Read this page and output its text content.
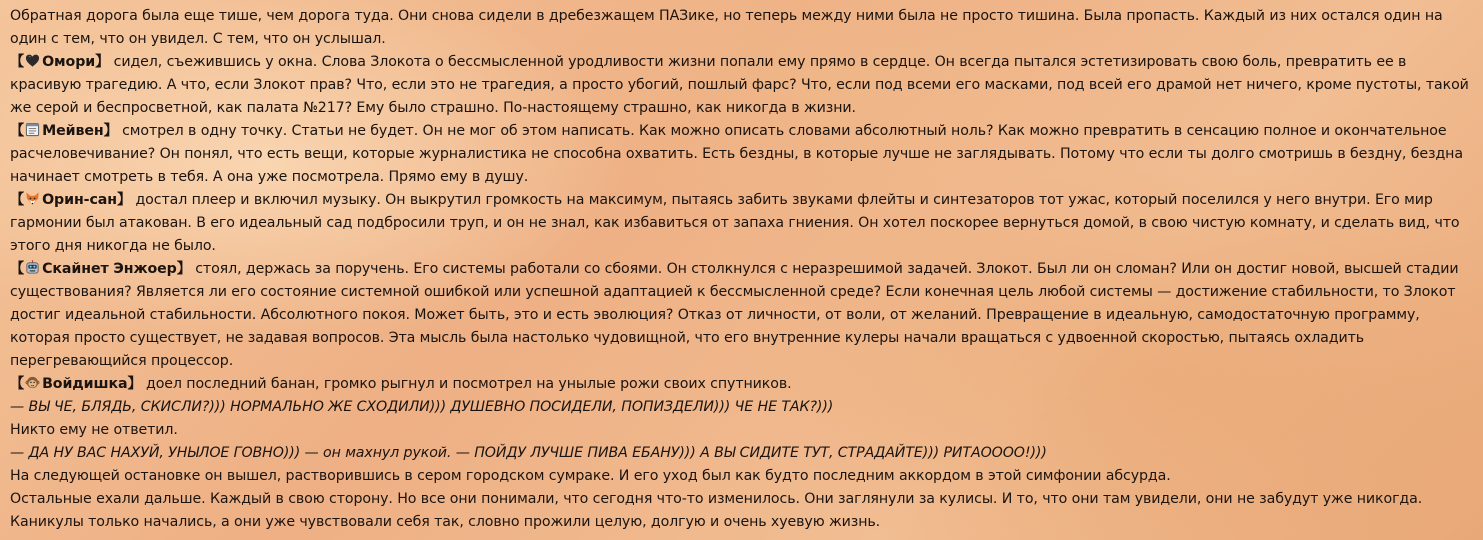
Обратная дорога была еще тише, чем дорога туда. Они снова сидели в дребезжащем ПАЗике, но теперь между ними была не просто тишина. Была пропасть. Каждый из них остался один на один с тем, что он увидел. С тем, что он услышал.

【 Омори】 сидел, съежившись у окна. Слова Злокота о бессмысленной уродливости жизни попали ему прямо в сердце. Он всегда пытался эстетизировать свою боль, превратить ее в красивую трагедию. А что, если Злокот прав? Что, если это не трагедия, а просто убогий, пошлый фарс? Что, если под всеми его масками, под всей его драмой нет ничего, кроме пустоты, такой же серой и беспросветной, как палата №217? Ему было страшно. По-настоящему страшно, как никогда в жизни.

【 Мейвен】 смотрел в одну точку. Статьи не будет. Он не мог об этом написать. Как можно описать словами абсолютный ноль? Как можно превратить в сенсацию полное и окончательное расчеловечивание? Он понял, что есть вещи, которые журналистика не способна охватить. Есть бездны, в которые лучше не заглядывать. Потому что если ты долго смотришь в бездну, бездна начинает смотреть в тебя. А она уже посмотрела. Прямо ему в душу.

【 Орин-сан】 достал плеер и включил музыку. Он выкрутил громкость на максимум, пытаясь забить звуками флейты и синтезаторов тот ужас, который поселился у него внутри. Его мир гармонии был атакован. В его идеальный сад подбросили труп, и он не знал, как избавиться от запаха гниения. Он хотел поскорее вернуться домой, в свою чистую комнату, и сделать вид, что этого дня никогда не было.

【 Скайнет Энжоер】 стоял, держась за поручень. Его системы работали со сбоями. Он столкнулся с неразрешимой задачей. Злокот. Был ли он сломан? Или он достиг новой, высшей стадии существования? Является ли его состояние системной ошибкой или успешной адаптацией к бессмысленной среде? Если конечная цель любой системы — достижение стабильности, то Злокот достиг идеальной стабильности. Абсолютного покоя. Может быть, это и есть эволюция? Отказ от личности, от воли, от желаний. Превращение в идеальную, самодостаточную программу, которая просто существует, не задавая вопросов. Эта мысль была настолько чудовищной, что его внутренние кулеры начали вращаться с удвоенной скоростью, пытаясь охладить перегревающийся процессор.

【 Войдишка】 доел последний банан, громко рыгнул и посмотрел на унылые рожи своих спутников.

— ВЫ ЧЕ, БЛЯДЬ, СКИСЛИ?))) НОРМАЛЬНО ЖЕ СХОДИЛИ))) ДУШЕВНО ПОСИДЕЛИ, ПОПИЗДЕЛИ))) ЧЕ НЕ ТАК?)))

Никто ему не ответил.

— ДА НУ ВАС НАХУЙ, УНЫЛОЕ ГОВНО))) — он махнул рукой. — ПОЙДУ ЛУЧШЕ ПИВА ЕБАНУ))) А ВЫ СИДИТЕ ТУТ, СТРАДАЙТЕ))) РИТАОООО!)))

На следующей остановке он вышел, растворившись в сером городском сумраке. И его уход был как будто последним аккордом в этой симфонии абсурда.

Остальные ехали дальше. Каждый в свою сторону. Но все они понимали, что сегодня что-то изменилось. Они заглянули за кулисы. И то, что они там увидели, они не забудут уже никогда. Каникулы только начались, а они уже чувствовали себя так, словно прожили целую, долгую и очень хуевую жизнь.
